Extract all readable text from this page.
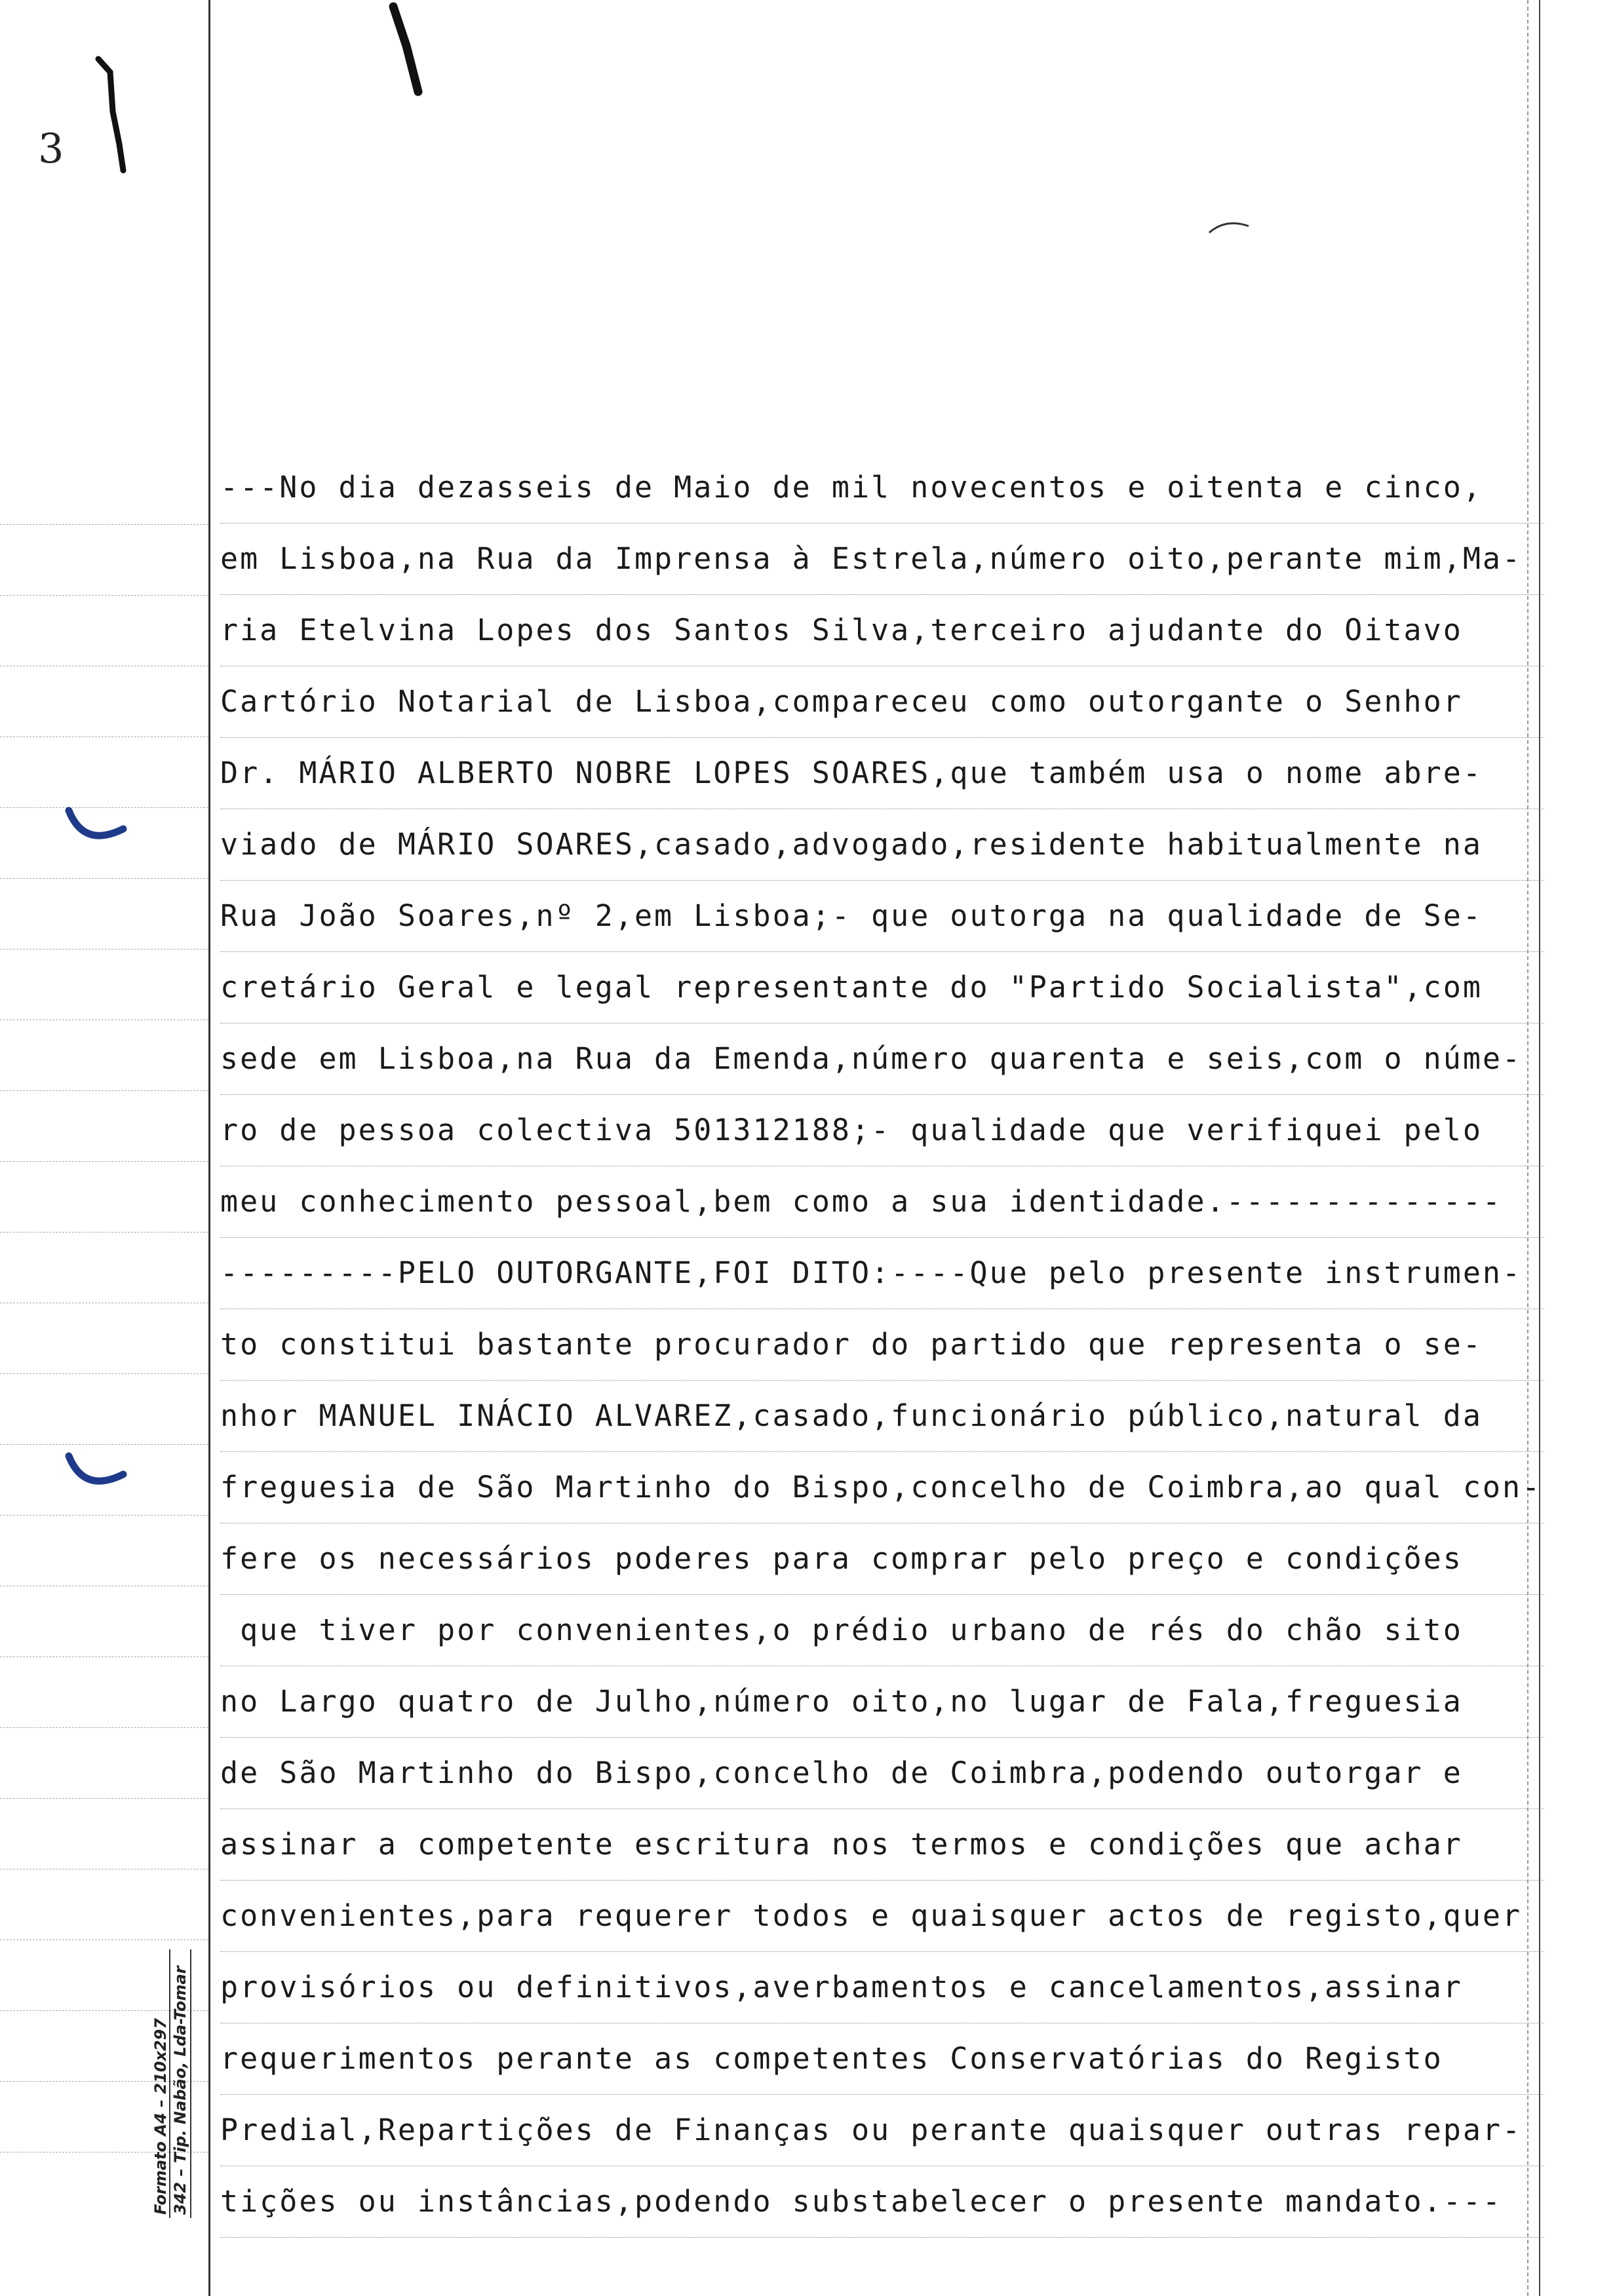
3
---No dia dezasseis de Maio de mil novecentos e oitenta e cinco,
em Lisboa,na Rua da Imprensa à Estrela,número oito,perante mim,Ma-
ria Etelvina Lopes dos Santos Silva,terceiro ajudante do Oitavo
Cartório Notarial de Lisboa,compareceu como outorgante o Senhor
Dr. MÁRIO ALBERTO NOBRE LOPES SOARES,que também usa o nome abre-
viado de MÁRIO SOARES,casado,advogado,residente habitualmente na
Rua João Soares,nº 2,em Lisboa;- que outorga na qualidade de Se-
cretário Geral e legal representante do "Partido Socialista",com
sede em Lisboa,na Rua da Emenda,número quarenta e seis,com o núme-
ro de pessoa colectiva 501312188;- qualidade que verifiquei pelo
meu conhecimento pessoal,bem como a sua identidade.--------------
---------PELO OUTORGANTE,FOI DITO:----Que pelo presente instrumen-
to constitui bastante procurador do partido que representa o se-
nhor MANUEL INÁCIO ALVAREZ,casado,funcionário público,natural da
freguesia de São Martinho do Bispo,concelho de Coimbra,ao qual con-
fere os necessários poderes para comprar pelo preço e condições
que tiver por convenientes,o prédio urbano de rés do chão sito
no Largo quatro de Julho,número oito,no lugar de Fala,freguesia
de São Martinho do Bispo,concelho de Coimbra,podendo outorgar e
assinar a competente escritura nos termos e condições que achar
convenientes,para requerer todos e quaisquer actos de registo,quer
provisórios ou definitivos,averbamentos e cancelamentos,assinar
requerimentos perante as competentes Conservatórias do Registo
Predial,Repartições de Finanças ou perante quaisquer outras repar-
tições ou instâncias,podendo substabelecer o presente mandato.---
Formato A4 – 210x297
342 – Tip. Nabão, Lda-Tomar
